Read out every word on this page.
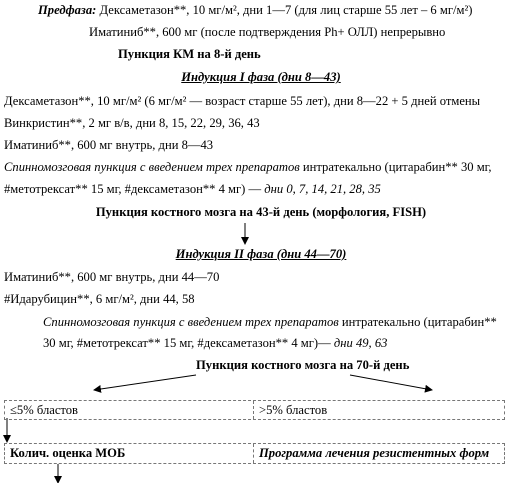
Предфаза: Дексаметазон**, 10 мг/м², дни 1—7 (для лиц старше 55 лет – 6 мг/м²)
Иматиниб**, 600 мг (после подтверждения Ph+ ОЛЛ) непрерывно
Пункция КМ на 8-й день
Индукция I фаза (дни 8—43)
Дексаметазон**, 10 мг/м² (6 мг/м² — возраст старше 55 лет), дни 8—22 + 5 дней отмены
Винкристин**, 2 мг в/в, дни 8, 15, 22, 29, 36, 43
Иматиниб**, 600 мг внутрь, дни 8—43
Спинномозговая пункция с введением трех препаратов интратекально (цитарабин** 30 мг,
#метотрексат** 15 мг, #дексаметазон** 4 мг) — дни 0, 7, 14, 21, 28, 35
Пункция костного мозга на 43-й день (морфология, FISH)
Индукция II фаза (дни 44—70)
Иматиниб**, 600 мг внутрь, дни 44—70
#Идарубицин**, 6 мг/м², дни 44, 58
Спинномозговая пункция с введением трех препаратов интратекально (цитарабин**
30 мг, #метотрексат** 15 мг, #дексаметазон** 4 мг)— дни 49, 63
Пункция костного мозга на 70-й день
≤5% бластов	>5% бластов
Колич. оценка МОБ	Программа лечения резистентных форм
